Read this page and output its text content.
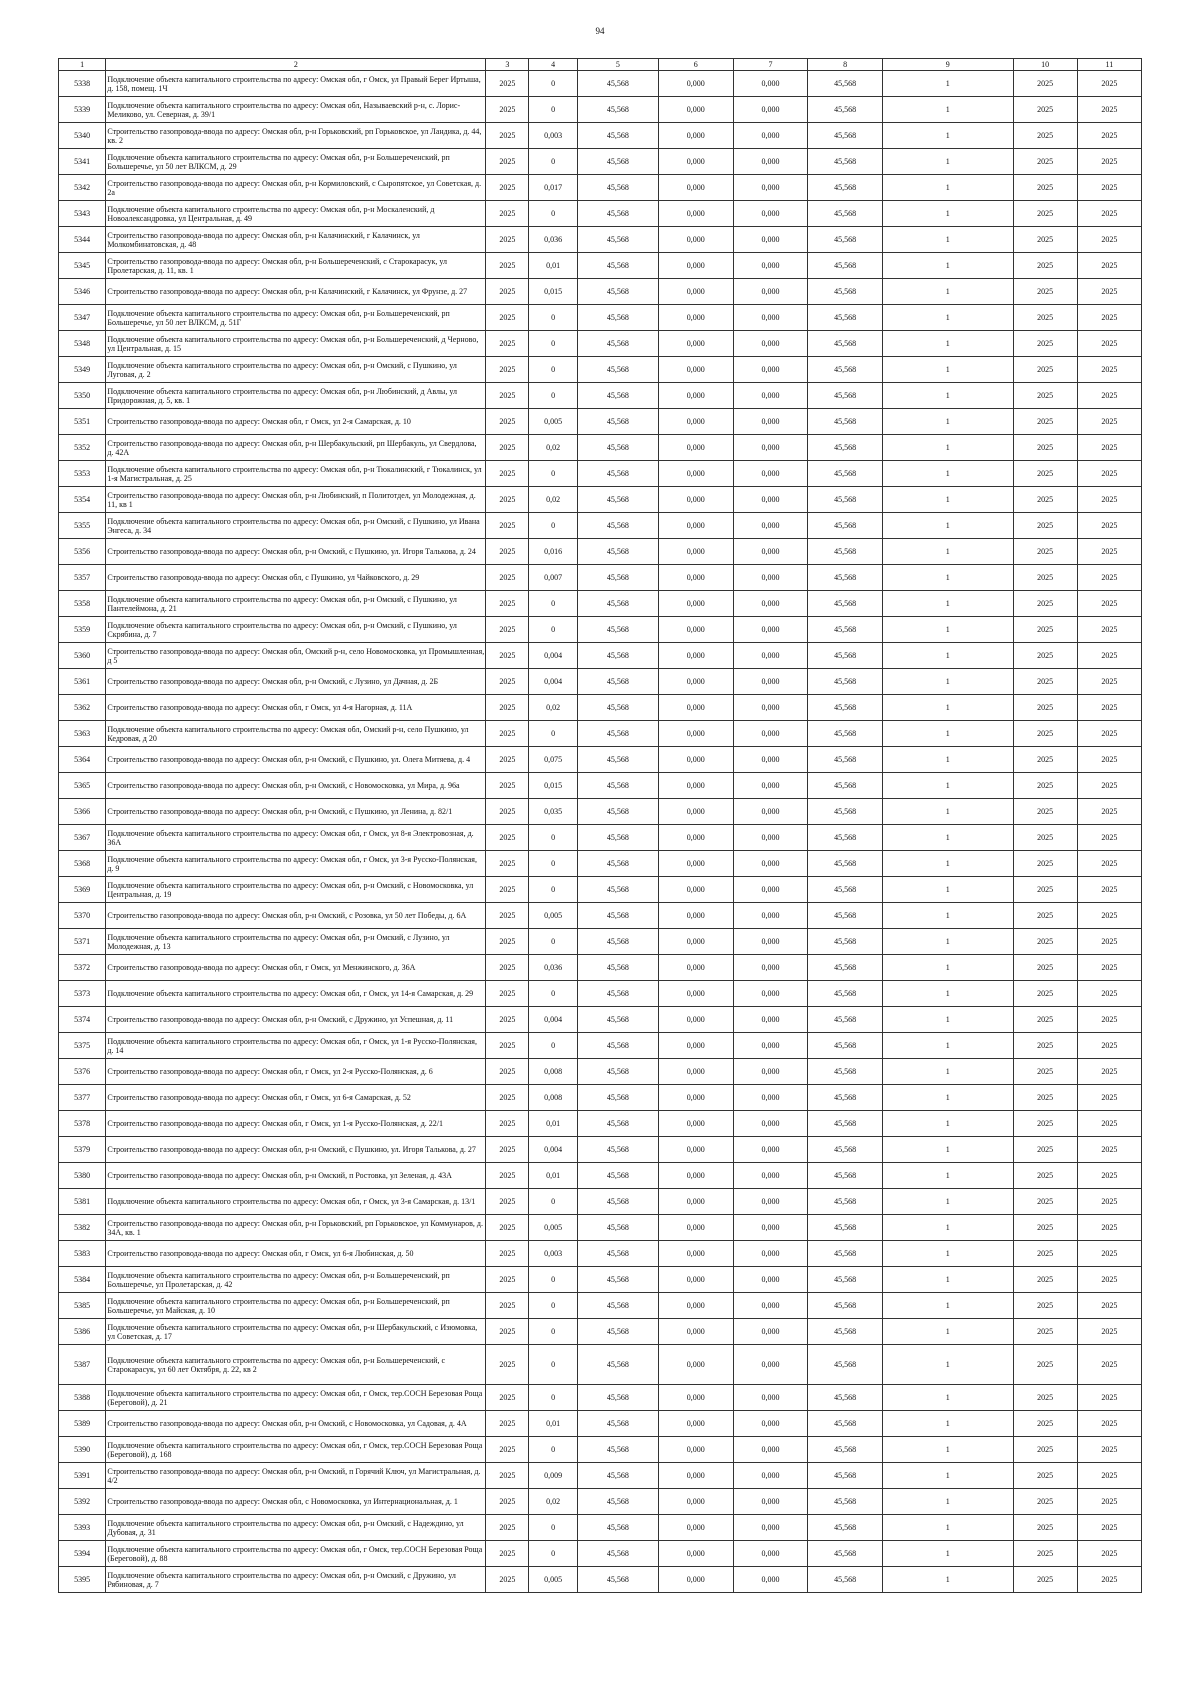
94
1	2	3	4	5	6	7	8	9	10	11
5338	Подключение объекта капитального строительства по адресу: Омская обл, г Омск, ул Правый Берег Иртыша, д. 158, помещ. 1Ч	2025	0	45,568	0,000	0,000	45,568	1	2025	2025
5339	Подключение объекта капитального строительства по адресу: Омская обл, Называевский р-н, с. Лорис-Меликово, ул. Северная, д. 39/1	2025	0	45,568	0,000	0,000	45,568	1	2025	2025
5340	Строительство газопровода-ввода по адресу: Омская обл, р-н Горьковский, рп Горьковское, ул Ландика, д. 44, кв. 2	2025	0,003	45,568	0,000	0,000	45,568	1	2025	2025
5341	Подключение объекта капитального строительства по адресу: Омская обл, р-н Большереченский, рп Большеречье, ул 50 лет ВЛКСМ, д. 29	2025	0	45,568	0,000	0,000	45,568	1	2025	2025
5342	Строительство газопровода-ввода по адресу: Омская обл, р-н Кормиловский, с Сыропятское, ул Советская, д. 2а	2025	0,017	45,568	0,000	0,000	45,568	1	2025	2025
5343	Подключение объекта капитального строительства по адресу: Омская обл, р-н Москаленский, д Новоалександровка, ул Центральная, д. 49	2025	0	45,568	0,000	0,000	45,568	1	2025	2025
5344	Строительство газопровода-ввода по адресу: Омская обл, р-н Калачинский, г Калачинск, ул Молкомбинатовская, д. 48	2025	0,036	45,568	0,000	0,000	45,568	1	2025	2025
5345	Строительство газопровода-ввода по адресу: Омская обл, р-н Большереченский, с Старокарасук, ул Пролетарская, д. 11, кв. 1	2025	0,01	45,568	0,000	0,000	45,568	1	2025	2025
5346	Строительство газопровода-ввода по адресу: Омская обл, р-н Калачинский, г Калачинск, ул Фрунзе, д. 27	2025	0,015	45,568	0,000	0,000	45,568	1	2025	2025
5347	Подключение объекта капитального строительства по адресу: Омская обл, р-н Большереченский, рп Большеречье, ул 50 лет ВЛКСМ, д. 51Г	2025	0	45,568	0,000	0,000	45,568	1	2025	2025
5348	Подключение объекта капитального строительства по адресу: Омская обл, р-н Большереченский, д Черново, ул Центральная, д. 15	2025	0	45,568	0,000	0,000	45,568	1	2025	2025
5349	Подключение объекта капитального строительства по адресу: Омская обл, р-н Омский, с Пушкино, ул Луговая, д. 2	2025	0	45,568	0,000	0,000	45,568	1	2025	2025
5350	Подключение объекта капитального строительства по адресу: Омская обл, р-н Любинский, д Авлы, ул Придорожная, д. 5, кв. 1	2025	0	45,568	0,000	0,000	45,568	1	2025	2025
5351	Строительство газопровода-ввода по адресу: Омская обл, г Омск, ул 2-я Самарская, д. 10	2025	0,005	45,568	0,000	0,000	45,568	1	2025	2025
5352	Строительство газопровода-ввода по адресу: Омская обл, р-н Шербакульский, рп Шербакуль, ул Свердлова, д. 42А	2025	0,02	45,568	0,000	0,000	45,568	1	2025	2025
5353	Подключение объекта капитального строительства по адресу: Омская обл, р-н Тюкалинский, г Тюкалинск, ул 1-я Магистральная, д. 25	2025	0	45,568	0,000	0,000	45,568	1	2025	2025
5354	Строительство газопровода-ввода по адресу: Омская обл, р-н Любинский, п Политотдел, ул Молодежная, д. 11, кв 1	2025	0,02	45,568	0,000	0,000	45,568	1	2025	2025
5355	Подключение объекта капитального строительства по адресу: Омская обл, р-н Омский, с Пушкино, ул Ивана Энгеса, д. 34	2025	0	45,568	0,000	0,000	45,568	1	2025	2025
5356	Строительство газопровода-ввода по адресу: Омская обл, р-н Омский, с Пушкино, ул. Игоря Талькова, д. 24	2025	0,016	45,568	0,000	0,000	45,568	1	2025	2025
5357	Строительство газопровода-ввода по адресу: Омская обл, с Пушкино, ул Чайковского, д. 29	2025	0,007	45,568	0,000	0,000	45,568	1	2025	2025
5358	Подключение объекта капитального строительства по адресу: Омская обл, р-н Омский, с Пушкино, ул Пантелеймона, д. 21	2025	0	45,568	0,000	0,000	45,568	1	2025	2025
5359	Подключение объекта капитального строительства по адресу: Омская обл, р-н Омский, с Пушкино, ул Скрябина, д. 7	2025	0	45,568	0,000	0,000	45,568	1	2025	2025
5360	Строительство газопровода-ввода по адресу: Омская обл, Омский р-н, село Новомосковка, ул Промышленная, д 5	2025	0,004	45,568	0,000	0,000	45,568	1	2025	2025
5361	Строительство газопровода-ввода по адресу: Омская обл, р-н Омский, с Лузино, ул Дачная, д. 2Б	2025	0,004	45,568	0,000	0,000	45,568	1	2025	2025
5362	Строительство газопровода-ввода по адресу: Омская обл, г Омск, ул 4-я Нагорная, д. 11А	2025	0,02	45,568	0,000	0,000	45,568	1	2025	2025
5363	Подключение объекта капитального строительства по адресу: Омская обл, Омский р-н, село Пушкино, ул Кедровая, д 20	2025	0	45,568	0,000	0,000	45,568	1	2025	2025
5364	Строительство газопровода-ввода по адресу: Омская обл, р-н Омский, с Пушкино, ул. Олега Митяева, д. 4	2025	0,075	45,568	0,000	0,000	45,568	1	2025	2025
5365	Строительство газопровода-ввода по адресу: Омская обл, р-н Омский, с Новомосковка, ул Мира, д. 96а	2025	0,015	45,568	0,000	0,000	45,568	1	2025	2025
5366	Строительство газопровода-ввода по адресу: Омская обл, р-н Омский, с Пушкино, ул Ленина, д. 82/1	2025	0,035	45,568	0,000	0,000	45,568	1	2025	2025
5367	Подключение объекта капитального строительства по адресу: Омская обл, г Омск, ул 8-я Электровозная, д. 36А	2025	0	45,568	0,000	0,000	45,568	1	2025	2025
5368	Подключение объекта капитального строительства по адресу: Омская обл, г Омск, ул 3-я Русско-Полянская, д. 9	2025	0	45,568	0,000	0,000	45,568	1	2025	2025
5369	Подключение объекта капитального строительства по адресу: Омская обл, р-н Омский, с Новомосковка, ул Центральная, д. 19	2025	0	45,568	0,000	0,000	45,568	1	2025	2025
5370	Строительство газопровода-ввода по адресу: Омская обл, р-н Омский, с Розовка, ул 50 лет Победы, д. 6А	2025	0,005	45,568	0,000	0,000	45,568	1	2025	2025
5371	Подключение объекта капитального строительства по адресу: Омская обл, р-н Омский, с Лузино, ул Молодежная, д. 13	2025	0	45,568	0,000	0,000	45,568	1	2025	2025
5372	Строительство газопровода-ввода по адресу: Омская обл, г Омск, ул Менжинского, д. 36А	2025	0,036	45,568	0,000	0,000	45,568	1	2025	2025
5373	Подключение объекта капитального строительства по адресу: Омская обл, г Омск, ул 14-я Самарская, д. 29	2025	0	45,568	0,000	0,000	45,568	1	2025	2025
5374	Строительство газопровода-ввода по адресу: Омская обл, р-н Омский, с Дружино, ул Успешная, д. 11	2025	0,004	45,568	0,000	0,000	45,568	1	2025	2025
5375	Подключение объекта капитального строительства по адресу: Омская обл, г Омск, ул 1-я Русско-Полянская, д. 14	2025	0	45,568	0,000	0,000	45,568	1	2025	2025
5376	Строительство газопровода-ввода по адресу: Омская обл, г Омск, ул 2-я Русско-Полянская, д. 6	2025	0,008	45,568	0,000	0,000	45,568	1	2025	2025
5377	Строительство газопровода-ввода по адресу: Омская обл, г Омск, ул 6-я Самарская, д. 52	2025	0,008	45,568	0,000	0,000	45,568	1	2025	2025
5378	Строительство газопровода-ввода по адресу: Омская обл, г Омск, ул 1-я Русско-Полянская, д. 22/1	2025	0,01	45,568	0,000	0,000	45,568	1	2025	2025
5379	Строительство газопровода-ввода по адресу: Омская обл, р-н Омский, с Пушкино, ул. Игоря Талькова, д. 27	2025	0,004	45,568	0,000	0,000	45,568	1	2025	2025
5380	Строительство газопровода-ввода по адресу: Омская обл, р-н Омский, п Ростовка, ул Зеленая, д. 43А	2025	0,01	45,568	0,000	0,000	45,568	1	2025	2025
5381	Подключение объекта капитального строительства по адресу: Омская обл, г Омск, ул 3-я Самарская, д. 13/1	2025	0	45,568	0,000	0,000	45,568	1	2025	2025
5382	Строительство газопровода-ввода по адресу: Омская обл, р-н Горьковский, рп Горьковское, ул Коммунаров, д. 34А, кв. 1	2025	0,005	45,568	0,000	0,000	45,568	1	2025	2025
5383	Строительство газопровода-ввода по адресу: Омская обл, г Омск, ул 6-я Любинская, д. 50	2025	0,003	45,568	0,000	0,000	45,568	1	2025	2025
5384	Подключение объекта капитального строительства по адресу: Омская обл, р-н Большереченский, рп Большеречье, ул Пролетарская, д. 42	2025	0	45,568	0,000	0,000	45,568	1	2025	2025
5385	Подключение объекта капитального строительства по адресу: Омская обл, р-н Большереченский, рп Большеречье, ул Майская, д. 10	2025	0	45,568	0,000	0,000	45,568	1	2025	2025
5386	Подключение объекта капитального строительства по адресу: Омская обл, р-н Шербакульский, с Изюмовка, ул Советская, д. 17	2025	0	45,568	0,000	0,000	45,568	1	2025	2025
5387	Подключение объекта капитального строительства по адресу: Омская обл, р-н Большереченский, с Старокарасук, ул 60 лет Октября, д. 22, кв 2	2025	0	45,568	0,000	0,000	45,568	1	2025	2025
5388	Подключение объекта капитального строительства по адресу: Омская обл, г Омск, тер.СОСН Березовая Роща (Береговой), д. 21	2025	0	45,568	0,000	0,000	45,568	1	2025	2025
5389	Строительство газопровода-ввода по адресу: Омская обл, р-н Омский, с Новомосковка, ул Садовая, д. 4А	2025	0,01	45,568	0,000	0,000	45,568	1	2025	2025
5390	Подключение объекта капитального строительства по адресу: Омская обл, г Омск, тер.СОСН Березовая Роща (Береговой), д. 168	2025	0	45,568	0,000	0,000	45,568	1	2025	2025
5391	Строительство газопровода-ввода по адресу: Омская обл, р-н Омский, п Горячий Ключ, ул Магистральная, д. 4/2	2025	0,009	45,568	0,000	0,000	45,568	1	2025	2025
5392	Строительство газопровода-ввода по адресу: Омская обл, с Новомосковка, ул Интернациональная, д. 1	2025	0,02	45,568	0,000	0,000	45,568	1	2025	2025
5393	Подключение объекта капитального строительства по адресу: Омская обл, р-н Омский, с Надеждино, ул Дубовая, д. 31	2025	0	45,568	0,000	0,000	45,568	1	2025	2025
5394	Подключение объекта капитального строительства по адресу: Омская обл, г Омск, тер.СОСН Березовая Роща (Береговой), д. 88	2025	0	45,568	0,000	0,000	45,568	1	2025	2025
5395	Подключение объекта капитального строительства по адресу: Омская обл, р-н Омский, с Дружино, ул Рябиновая, д. 7	2025	0,005	45,568	0,000	0,000	45,568	1	2025	2025
